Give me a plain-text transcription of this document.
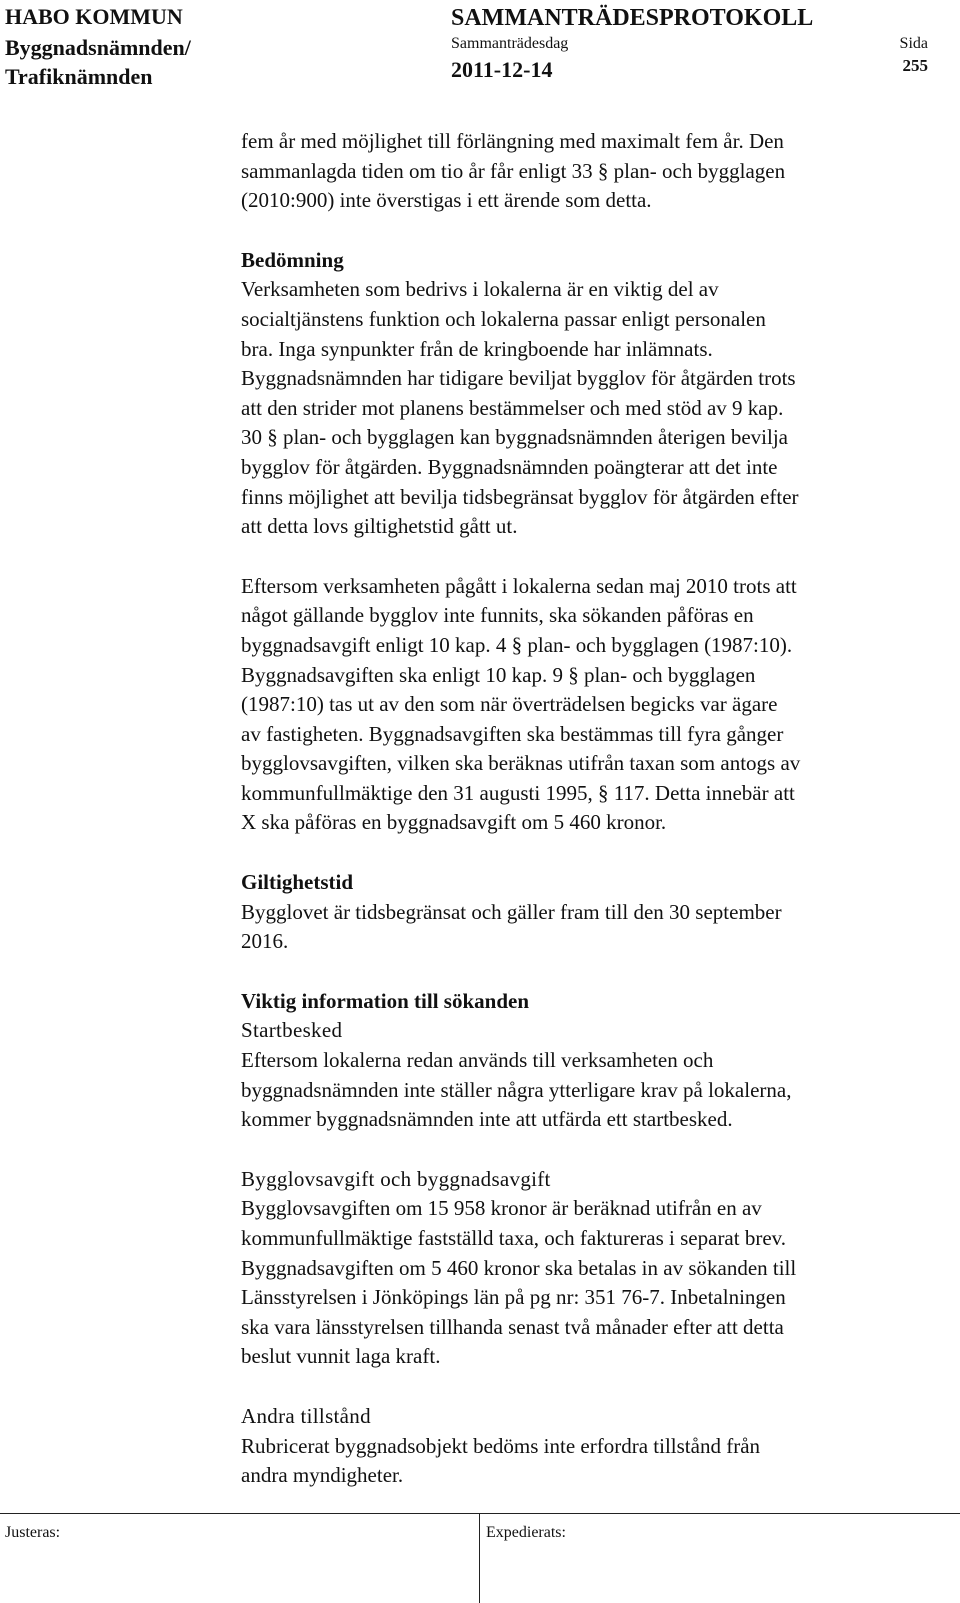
HABO KOMMUN
Byggnadsnämnden/
Trafiknämnden
SAMMANTRÄDESPROTOKOLL
Sammanträdesdag
2011-12-14
Sida
255

fem år med möjlighet till förlängning med maximalt fem år. Den

sammanlagda tiden om tio år får enligt 33 § plan- och bygglagen

(2010:900) inte överstigas i ett ärende som detta.

Bedömning

Verksamheten som bedrivs i lokalerna är en viktig del av

socialtjänstens funktion och lokalerna passar enligt personalen

bra. Inga synpunkter från de kringboende har inlämnats.

Byggnadsnämnden har tidigare beviljat bygglov för åtgärden trots

att den strider mot planens bestämmelser och med stöd av 9 kap.

30 § plan- och bygglagen kan byggnadsnämnden återigen bevilja

bygglov för åtgärden. Byggnadsnämnden poängterar att det inte

finns möjlighet att bevilja tidsbegränsat bygglov för åtgärden efter

att detta lovs giltighetstid gått ut.

Eftersom verksamheten pågått i lokalerna sedan maj 2010 trots att

något gällande bygglov inte funnits, ska sökanden påföras en

byggnadsavgift enligt 10 kap. 4 § plan- och bygglagen (1987:10).

Byggnadsavgiften ska enligt 10 kap. 9 § plan- och bygglagen

(1987:10) tas ut av den som när överträdelsen begicks var ägare

av fastigheten. Byggnadsavgiften ska bestämmas till fyra gånger

bygglovsavgiften, vilken ska beräknas utifrån taxan som antogs av

kommunfullmäktige den 31 augusti 1995, § 117. Detta innebär att

X ska påföras en byggnadsavgift om 5 460 kronor.

Giltighetstid

Bygglovet är tidsbegränsat och gäller fram till den 30 september

2016.

Viktig information till sökanden

Startbesked

Eftersom lokalerna redan används till verksamheten och

byggnadsnämnden inte ställer några ytterligare krav på lokalerna,

kommer byggnadsnämnden inte att utfärda ett startbesked.

Bygglovsavgift och byggnadsavgift

Bygglovsavgiften om 15 958 kronor är beräknad utifrån en av

kommunfullmäktige fastställd taxa, och faktureras i separat brev.

Byggnadsavgiften om 5 460 kronor ska betalas in av sökanden till

Länsstyrelsen i Jönköpings län på pg nr: 351 76-7. Inbetalningen

ska vara länsstyrelsen tillhanda senast två månader efter att detta

beslut vunnit laga kraft.

Andra tillstånd

Rubricerat byggnadsobjekt bedöms inte erfordra tillstånd från

andra myndigheter.

Justeras:	Expedierats:
